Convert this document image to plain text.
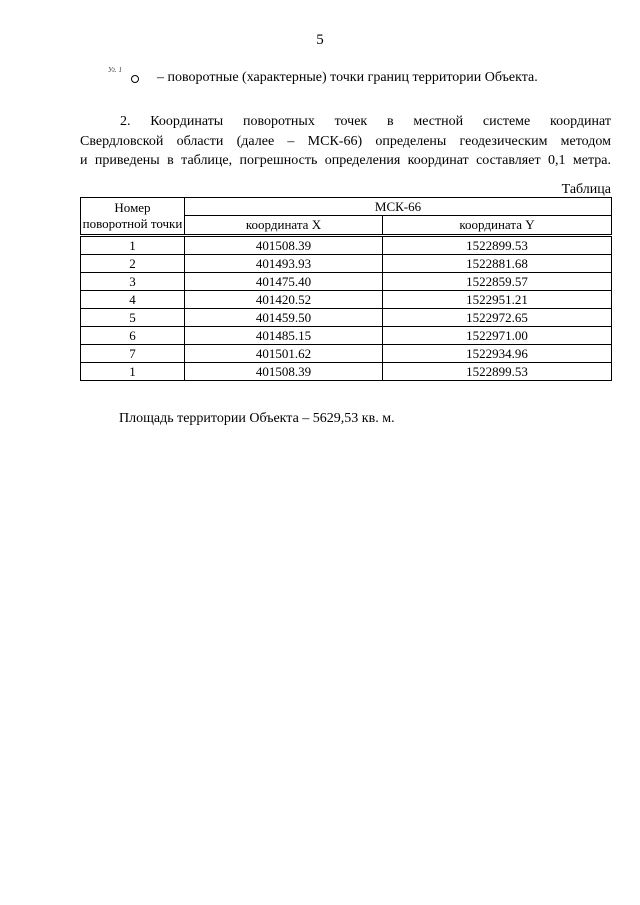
5
Уг. 1	– поворотные (характерные) точки границ территории Объекта.
2. Координаты поворотных точек в местной системе координат
Свердловской области (далее – МСК-66) определены геодезическим методом
и приведены в таблице, погрешность определения координат составляет 0,1 метра.
Таблица
Номер поворотной точки	МСК-66	
	координата X	координата Y
1	401508.39	1522899.53
2	401493.93	1522881.68
3	401475.40	1522859.57
4	401420.52	1522951.21
5	401459.50	1522972.65
6	401485.15	1522971.00
7	401501.62	1522934.96
1	401508.39	1522899.53
Площадь территории Объекта – 5629,53 кв. м.
